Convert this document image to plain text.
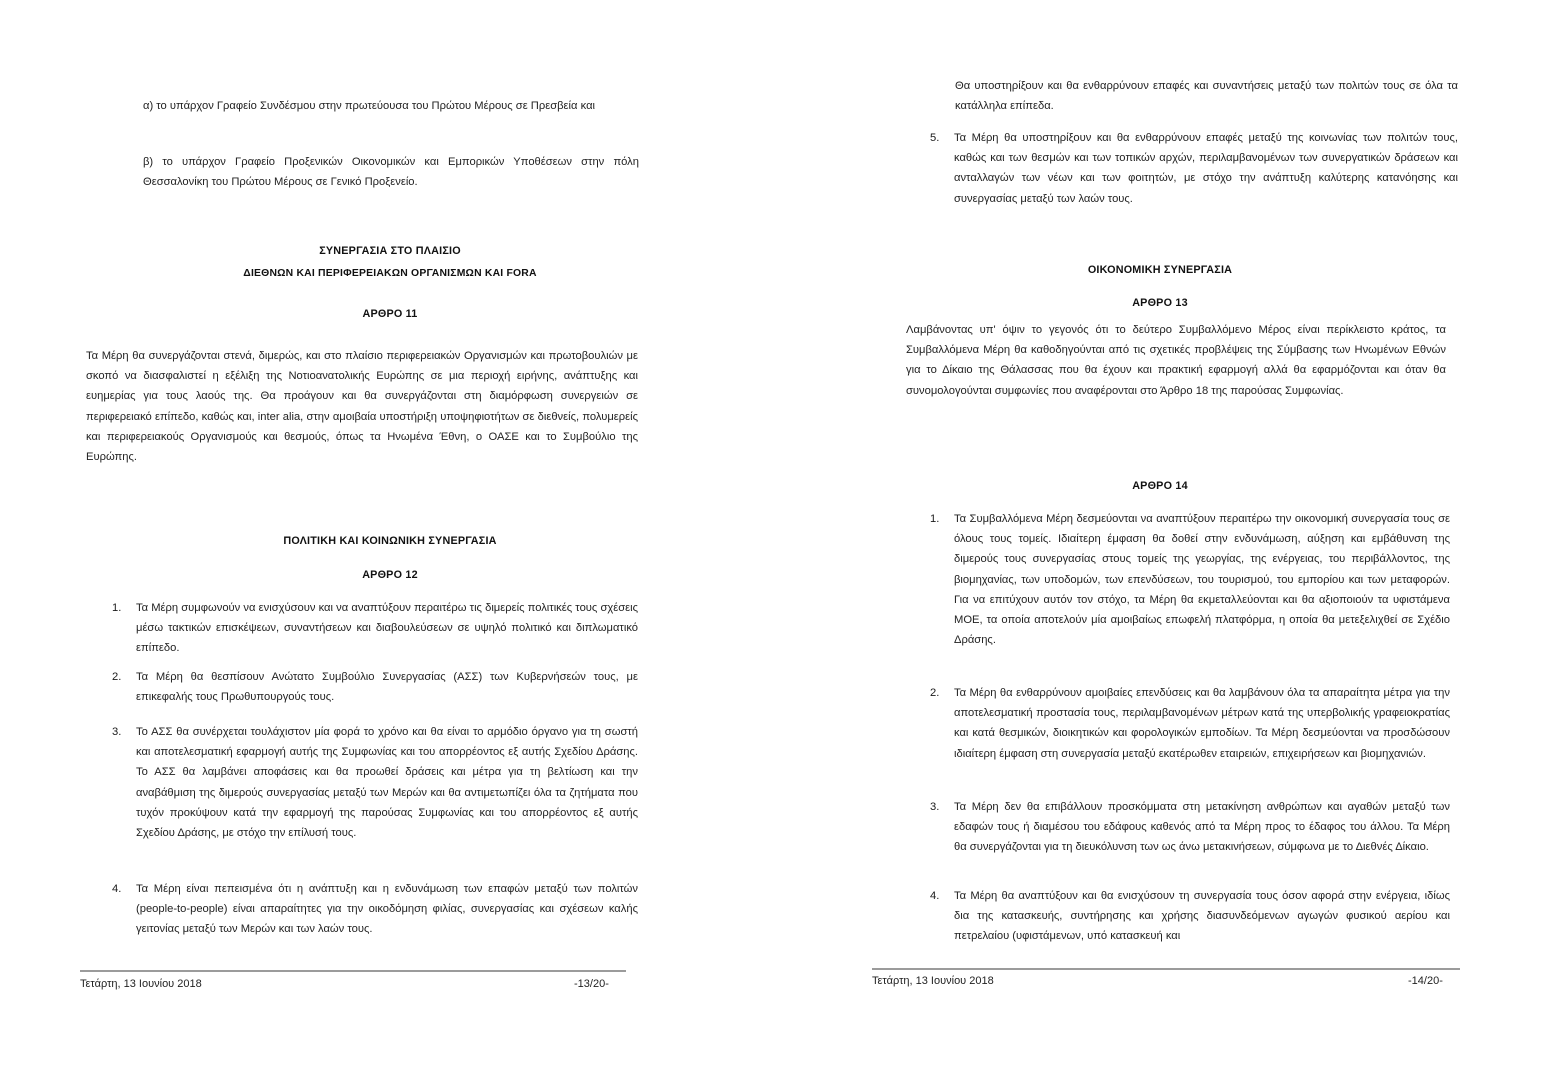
α) το υπάρχον Γραφείο Συνδέσμου στην πρωτεύουσα του Πρώτου Μέρους σε Πρεσβεία και
β) το υπάρχον Γραφείο Προξενικών Οικονομικών και Εμπορικών Υποθέσεων στην πόλη Θεσσαλονίκη του Πρώτου Μέρους σε Γενικό Προξενείο.
ΣΥΝΕΡΓΑΣΙΑ ΣΤΟ ΠΛΑΙΣΙΟ
ΔΙΕΘΝΩΝ ΚΑΙ ΠΕΡΙΦΕΡΕΙΑΚΩΝ ΟΡΓΑΝΙΣΜΩΝ ΚΑΙ FORA
ΑΡΘΡΟ 11
Τα Μέρη θα συνεργάζονται στενά, διμερώς, και στο πλαίσιο περιφερειακών Οργανισμών και πρωτοβουλιών με σκοπό να διασφαλιστεί η εξέλιξη της Νοτιοανατολικής Ευρώπης σε μια περιοχή ειρήνης, ανάπτυξης και ευημερίας για τους λαούς της. Θα προάγουν και θα συνεργάζονται στη διαμόρφωση συνεργειών σε περιφερειακό επίπεδο, καθώς και, inter alia, στην αμοιβαία υποστήριξη υποψηφιοτήτων σε διεθνείς, πολυμερείς και περιφερειακούς Οργανισμούς και θεσμούς, όπως τα Ηνωμένα Έθνη, ο ΟΑΣΕ και το Συμβούλιο της Ευρώπης.
ΠΟΛΙΤΙΚΗ ΚΑΙ ΚΟΙΝΩΝΙΚΗ ΣΥΝΕΡΓΑΣΙΑ
ΑΡΘΡΟ 12
1. Τα Μέρη συμφωνούν να ενισχύσουν και να αναπτύξουν περαιτέρω τις διμερείς πολιτικές τους σχέσεις μέσω τακτικών επισκέψεων, συναντήσεων και διαβουλεύσεων σε υψηλό πολιτικό και διπλωματικό επίπεδο.
2. Τα Μέρη θα θεσπίσουν Ανώτατο Συμβούλιο Συνεργασίας (ΑΣΣ) των Κυβερνήσεών τους, με επικεφαλής τους Πρωθυπουργούς τους.
3. Το ΑΣΣ θα συνέρχεται τουλάχιστον μία φορά το χρόνο και θα είναι το αρμόδιο όργανο για τη σωστή και αποτελεσματική εφαρμογή αυτής της Συμφωνίας και του απορρέοντος εξ αυτής Σχεδίου Δράσης. Το ΑΣΣ θα λαμβάνει αποφάσεις και θα προωθεί δράσεις και μέτρα για τη βελτίωση και την αναβάθμιση της διμερούς συνεργασίας μεταξύ των Μερών και θα αντιμετωπίζει όλα τα ζητήματα που τυχόν προκύψουν κατά την εφαρμογή της παρούσας Συμφωνίας και του απορρέοντος εξ αυτής Σχεδίου Δράσης, με στόχο την επίλυσή τους.
4. Τα Μέρη είναι πεπεισμένα ότι η ανάπτυξη και η ενδυνάμωση των επαφών μεταξύ των πολιτών (people-to-people) είναι απαραίτητες για την οικοδόμηση φιλίας, συνεργασίας και σχέσεων καλής γειτονίας μεταξύ των Μερών και των λαών τους.
Τετάρτη, 13 Ιουνίου 2018	-13/20-
Θα υποστηρίξουν και θα ενθαρρύνουν επαφές και συναντήσεις μεταξύ των πολιτών τους σε όλα τα κατάλληλα επίπεδα.
5. Τα Μέρη θα υποστηρίξουν και θα ενθαρρύνουν επαφές μεταξύ της κοινωνίας των πολιτών τους, καθώς και των θεσμών και των τοπικών αρχών, περιλαμβανομένων των συνεργατικών δράσεων και ανταλλαγών των νέων και των φοιτητών, με στόχο την ανάπτυξη καλύτερης κατανόησης και συνεργασίας μεταξύ των λαών τους.
ΟΙΚΟΝΟΜΙΚΗ ΣΥΝΕΡΓΑΣΙΑ
ΑΡΘΡΟ 13
Λαμβάνοντας υπ' όψιν το γεγονός ότι το δεύτερο Συμβαλλόμενο Μέρος είναι περίκλειστο κράτος, τα Συμβαλλόμενα Μέρη θα καθοδηγούνται από τις σχετικές προβλέψεις της Σύμβασης των Ηνωμένων Εθνών για το Δίκαιο της Θάλασσας που θα έχουν και πρακτική εφαρμογή αλλά θα εφαρμόζονται και όταν θα συνομολογούνται συμφωνίες που αναφέρονται στο Άρθρο 18 της παρούσας Συμφωνίας.
ΑΡΘΡΟ 14
1. Τα Συμβαλλόμενα Μέρη δεσμεύονται να αναπτύξουν περαιτέρω την οικονομική συνεργασία τους σε όλους τους τομείς. Ιδιαίτερη έμφαση θα δοθεί στην ενδυνάμωση, αύξηση και εμβάθυνση της διμερούς τους συνεργασίας στους τομείς της γεωργίας, της ενέργειας, του περιβάλλοντος, της βιομηχανίας, των υποδομών, των επενδύσεων, του τουρισμού, του εμπορίου και των μεταφορών. Για να επιτύχουν αυτόν τον στόχο, τα Μέρη θα εκμεταλλεύονται και θα αξιοποιούν τα υφιστάμενα ΜΟΕ, τα οποία αποτελούν μία αμοιβαίως επωφελή πλατφόρμα, η οποία θα μετεξελιχθεί σε Σχέδιο Δράσης.
2. Τα Μέρη θα ενθαρρύνουν αμοιβαίες επενδύσεις και θα λαμβάνουν όλα τα απαραίτητα μέτρα για την αποτελεσματική προστασία τους, περιλαμβανομένων μέτρων κατά της υπερβολικής γραφειοκρατίας και κατά θεσμικών, διοικητικών και φορολογικών εμποδίων. Τα Μέρη δεσμεύονται να προσδώσουν ιδιαίτερη έμφαση στη συνεργασία μεταξύ εκατέρωθεν εταιρειών, επιχειρήσεων και βιομηχανιών.
3. Τα Μέρη δεν θα επιβάλλουν προσκόμματα στη μετακίνηση ανθρώπων και αγαθών μεταξύ των εδαφών τους ή διαμέσου του εδάφους καθενός από τα Μέρη προς το έδαφος του άλλου. Τα Μέρη θα συνεργάζονται για τη διευκόλυνση των ως άνω μετακινήσεων, σύμφωνα με το Διεθνές Δίκαιο.
4. Τα Μέρη θα αναπτύξουν και θα ενισχύσουν τη συνεργασία τους όσον αφορά στην ενέργεια, ιδίως δια της κατασκευής, συντήρησης και χρήσης διασυνδεόμενων αγωγών φυσικού αερίου και πετρελαίου (υφιστάμενων, υπό κατασκευή και
Τετάρτη, 13 Ιουνίου 2018	-14/20-
